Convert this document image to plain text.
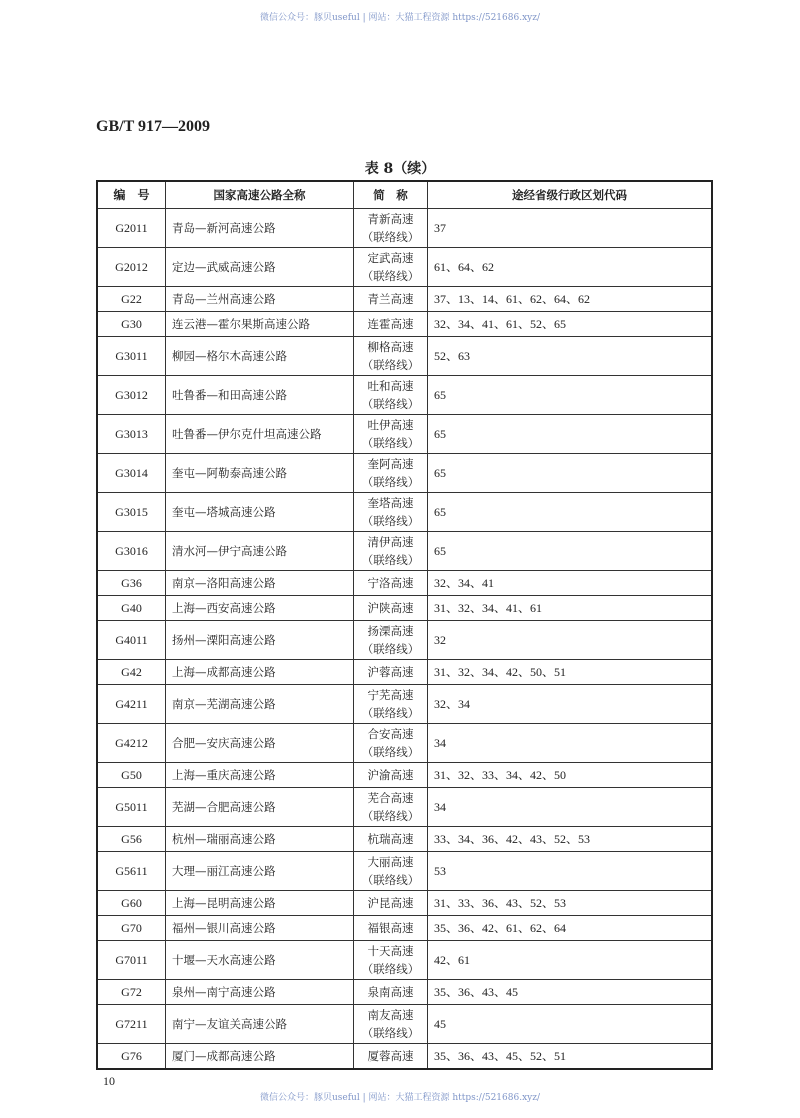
微信公众号：豚贝useful | 网站：大猫工程资源 https://521686.xyz/
GB/T 917—2009
表 8（续）
编　号	国家高速公路全称	简　称	途经省级行政区划代码
G2011	青岛—新河高速公路	青新高速
（联络线）	37
G2012	定边—武威高速公路	定武高速
（联络线）	61、64、62
G22	青岛—兰州高速公路	青兰高速	37、13、14、61、62、64、62
G30	连云港—霍尔果斯高速公路	连霍高速	32、34、41、61、52、65
G3011	柳园—格尔木高速公路	柳格高速
（联络线）	52、63
G3012	吐鲁番—和田高速公路	吐和高速
（联络线）	65
G3013	吐鲁番—伊尔克什坦高速公路	吐伊高速
（联络线）	65
G3014	奎屯—阿勒泰高速公路	奎阿高速
（联络线）	65
G3015	奎屯—塔城高速公路	奎塔高速
（联络线）	65
G3016	清水河—伊宁高速公路	清伊高速
（联络线）	65
G36	南京—洛阳高速公路	宁洛高速	32、34、41
G40	上海—西安高速公路	沪陕高速	31、32、34、41、61
G4011	扬州—溧阳高速公路	扬溧高速
（联络线）	32
G42	上海—成都高速公路	沪蓉高速	31、32、34、42、50、51
G4211	南京—芜湖高速公路	宁芜高速
（联络线）	32、34
G4212	合肥—安庆高速公路	合安高速
（联络线）	34
G50	上海—重庆高速公路	沪渝高速	31、32、33、34、42、50
G5011	芜湖—合肥高速公路	芜合高速
（联络线）	34
G56	杭州—瑞丽高速公路	杭瑞高速	33、34、36、42、43、52、53
G5611	大理—丽江高速公路	大丽高速
（联络线）	53
G60	上海—昆明高速公路	沪昆高速	31、33、36、43、52、53
G70	福州—银川高速公路	福银高速	35、36、42、61、62、64
G7011	十堰—天水高速公路	十天高速
（联络线）	42、61
G72	泉州—南宁高速公路	泉南高速	35、36、43、45
G7211	南宁—友谊关高速公路	南友高速
（联络线）	45
G76	厦门—成都高速公路	厦蓉高速	35、36、43、45、52、51
10
微信公众号：豚贝useful | 网站：大猫工程资源 https://521686.xyz/
